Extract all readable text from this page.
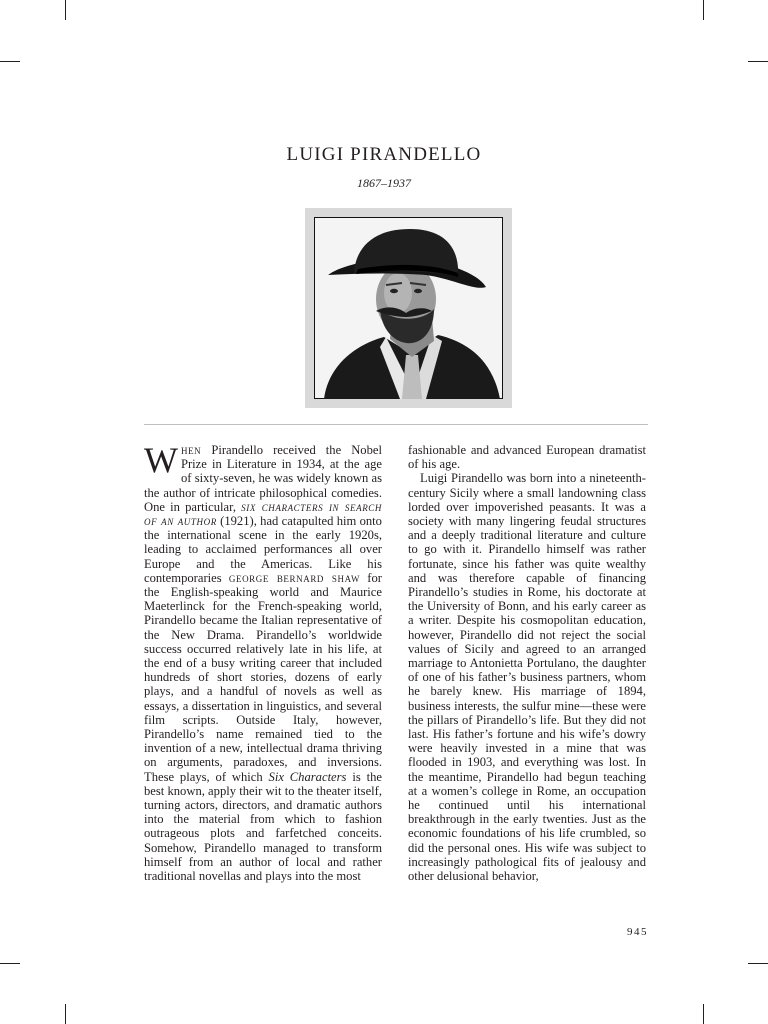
LUIGI PIRANDELLO
1867–1937

When Pirandello received the Nobel Prize in Literature in 1934, at the age of sixty-seven, he was widely known as the author of intricate philosophical comedies. One in particular, six characters in search of an author (1921), had catapulted him onto the international scene in the early 1920s, leading to acclaimed performances all over Europe and the Americas. Like his contemporaries george bernard shaw for the English-speaking world and Maurice Maeterlinck for the French-speaking world, Pirandello became the Italian representative of the New Drama. Pirandello’s worldwide success occurred relatively late in his life, at the end of a busy writing career that included hundreds of short stories, dozens of early plays, and a handful of novels as well as essays, a dissertation in linguistics, and several film scripts. Outside Italy, however, Pirandello’s name remained tied to the invention of a new, intellectual drama thriving on arguments, paradoxes, and inversions. These plays, of which Six Characters is the best known, apply their wit to the theater itself, turning actors, directors, and dramatic authors into the material from which to fashion outrageous plots and farfetched conceits. Somehow, Pirandello managed to transform himself from an author of local and rather traditional novellas and plays into the most

fashionable and advanced European dramatist of his age.

Luigi Pirandello was born into a nineteenth-century Sicily where a small landowning class lorded over impoverished peasants. It was a society with many lingering feudal structures and a deeply traditional literature and culture to go with it. Pirandello himself was rather fortunate, since his father was quite wealthy and was therefore capable of financing Pirandello’s studies in Rome, his doctorate at the University of Bonn, and his early career as a writer. Despite his cosmopolitan education, however, Pirandello did not reject the social values of Sicily and agreed to an arranged marriage to Antonietta Portulano, the daughter of one of his father’s business partners, whom he barely knew. His marriage of 1894, business interests, the sulfur mine—these were the pillars of Pirandello’s life. But they did not last. His father’s fortune and his wife’s dowry were heavily invested in a mine that was flooded in 1903, and everything was lost. In the meantime, Pirandello had begun teaching at a women’s college in Rome, an occupation he continued until his international breakthrough in the early twenties. Just as the economic foundations of his life crumbled, so did the personal ones. His wife was subject to increasingly pathological fits of jealousy and other delusional behavior,

945
